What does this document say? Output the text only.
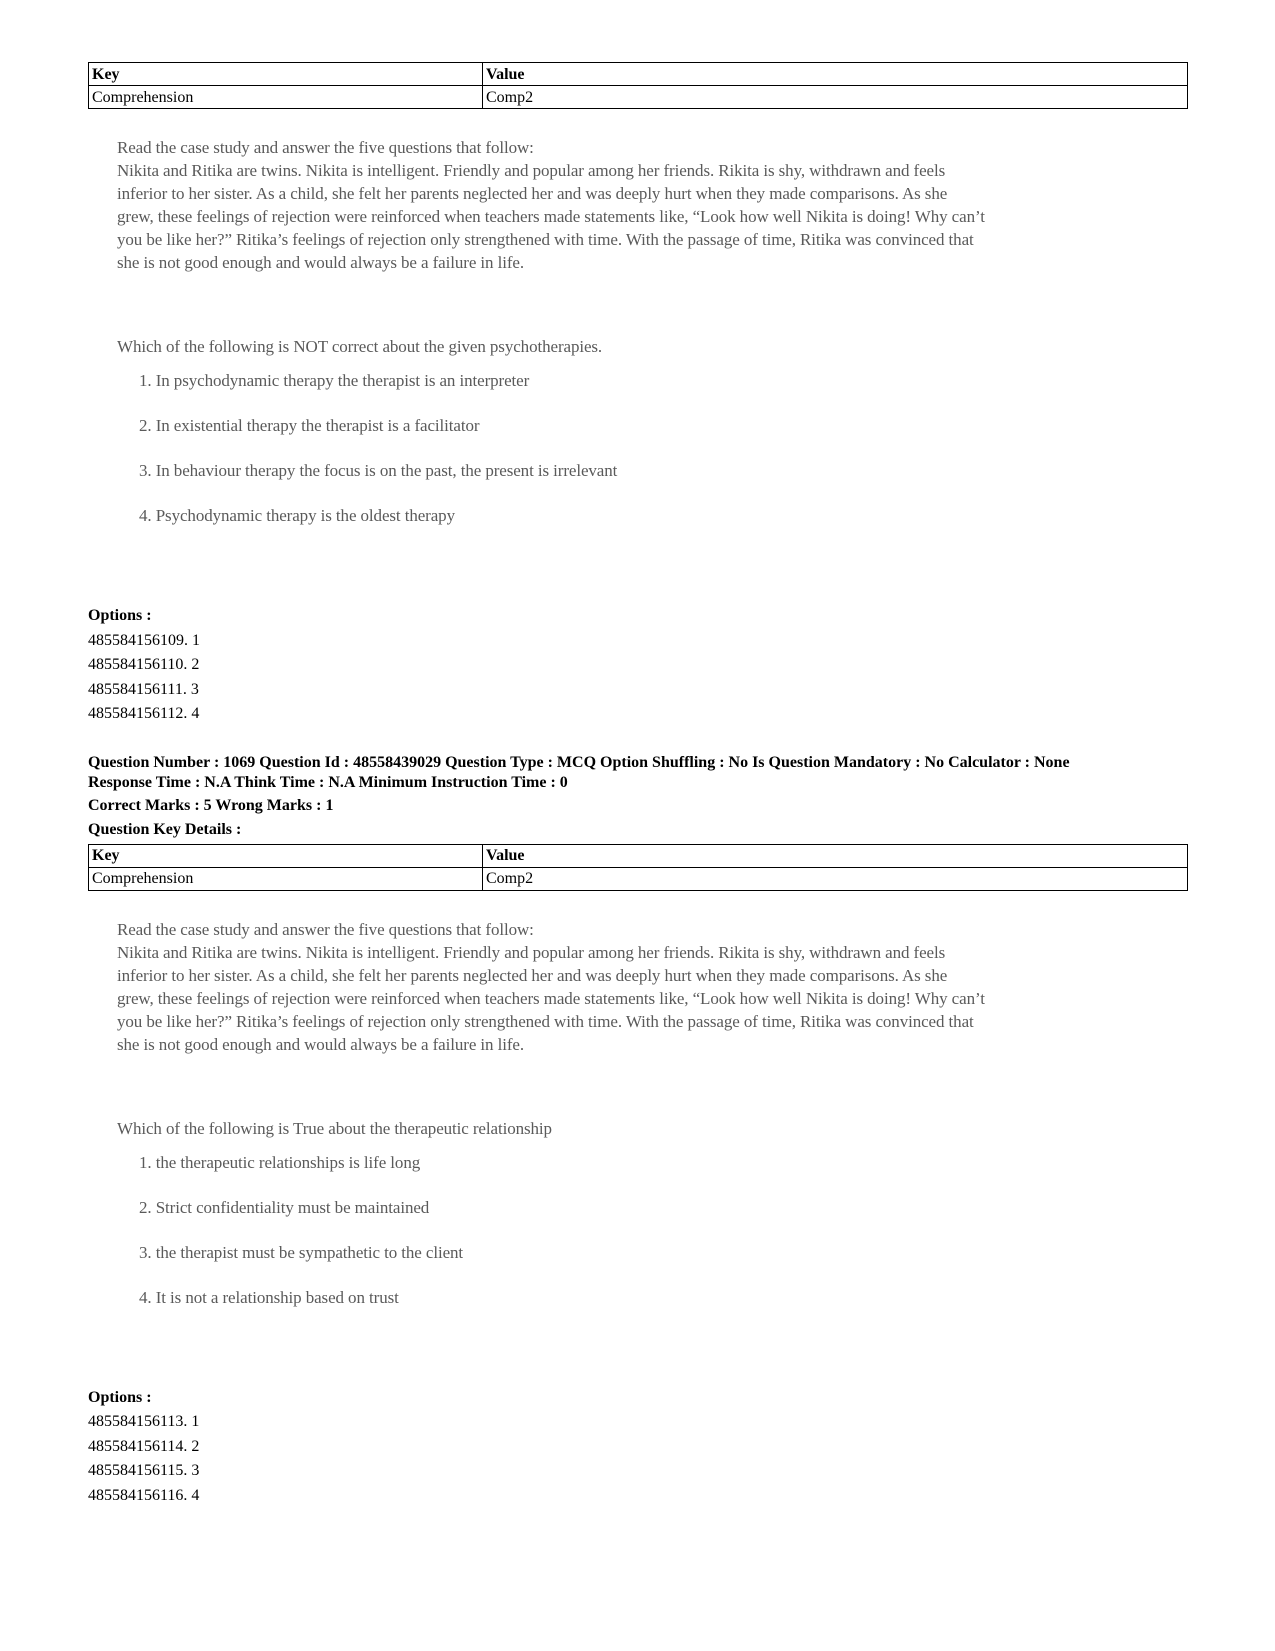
Key	Value
Comprehension	Comp2
Read the case study and answer the five questions that follow:
Nikita and Ritika are twins. Nikita is intelligent. Friendly and popular among her friends. Rikita is shy, withdrawn and feels inferior to her sister. As a child, she felt her parents neglected her and was deeply hurt when they made comparisons. As she grew, these feelings of rejection were reinforced when teachers made statements like, “Look how well Nikita is doing! Why can’t you be like her?” Ritika’s feelings of rejection only strengthened with time. With the passage of time, Ritika was convinced that she is not good enough and would always be a failure in life.
Which of the following is NOT correct about the given psychotherapies.
1. In psychodynamic therapy the therapist is an interpreter
2. In existential therapy the therapist is a facilitator
3. In behaviour therapy the focus is on the past, the present is irrelevant
4. Psychodynamic therapy is the oldest therapy
Options :
485584156109. 1
485584156110. 2
485584156111. 3
485584156112. 4

Question Number : 1069 Question Id : 48558439029 Question Type : MCQ Option Shuffling : No Is Question Mandatory : No Calculator : None

Response Time : N.A Think Time : N.A Minimum Instruction Time : 0

Correct Marks : 5 Wrong Marks : 1

Question Key Details :

Key	Value
Comprehension	Comp2
Read the case study and answer the five questions that follow:
Nikita and Ritika are twins. Nikita is intelligent. Friendly and popular among her friends. Rikita is shy, withdrawn and feels inferior to her sister. As a child, she felt her parents neglected her and was deeply hurt when they made comparisons. As she grew, these feelings of rejection were reinforced when teachers made statements like, “Look how well Nikita is doing! Why can’t you be like her?” Ritika’s feelings of rejection only strengthened with time. With the passage of time, Ritika was convinced that she is not good enough and would always be a failure in life.
Which of the following is True about the therapeutic relationship
1. the therapeutic relationships is life long
2. Strict confidentiality must be maintained
3. the therapist must be sympathetic to the client
4. It is not a relationship based on trust
Options :
485584156113. 1
485584156114. 2
485584156115. 3
485584156116. 4
